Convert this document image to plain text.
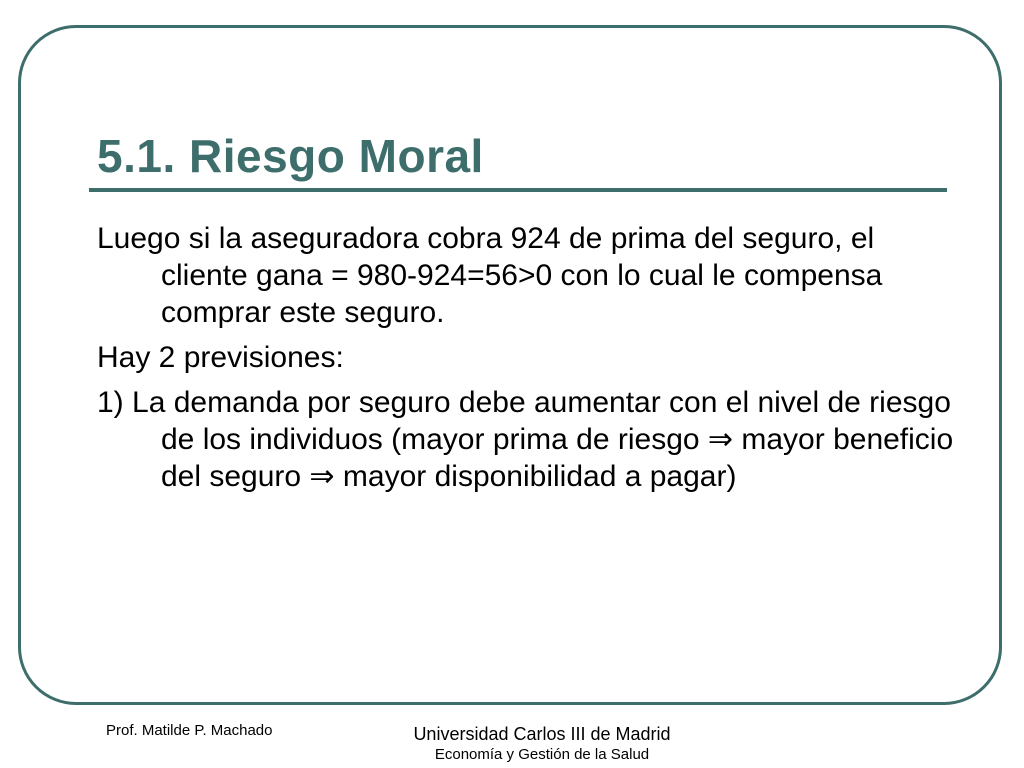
5.1. Riesgo Moral

Luego si la aseguradora cobra 924 de prima del seguro, el cliente gana = 980-924=56>0 con lo cual le compensa comprar este seguro.

Hay 2 previsiones:

1) La demanda por seguro debe aumentar con el nivel de riesgo de los individuos (mayor prima de riesgo ⇒ mayor beneficio del seguro ⇒ mayor disponibilidad a pagar)

Prof. Matilde P. Machado	Universidad Carlos III de Madrid
Economía y Gestión de la Salud
